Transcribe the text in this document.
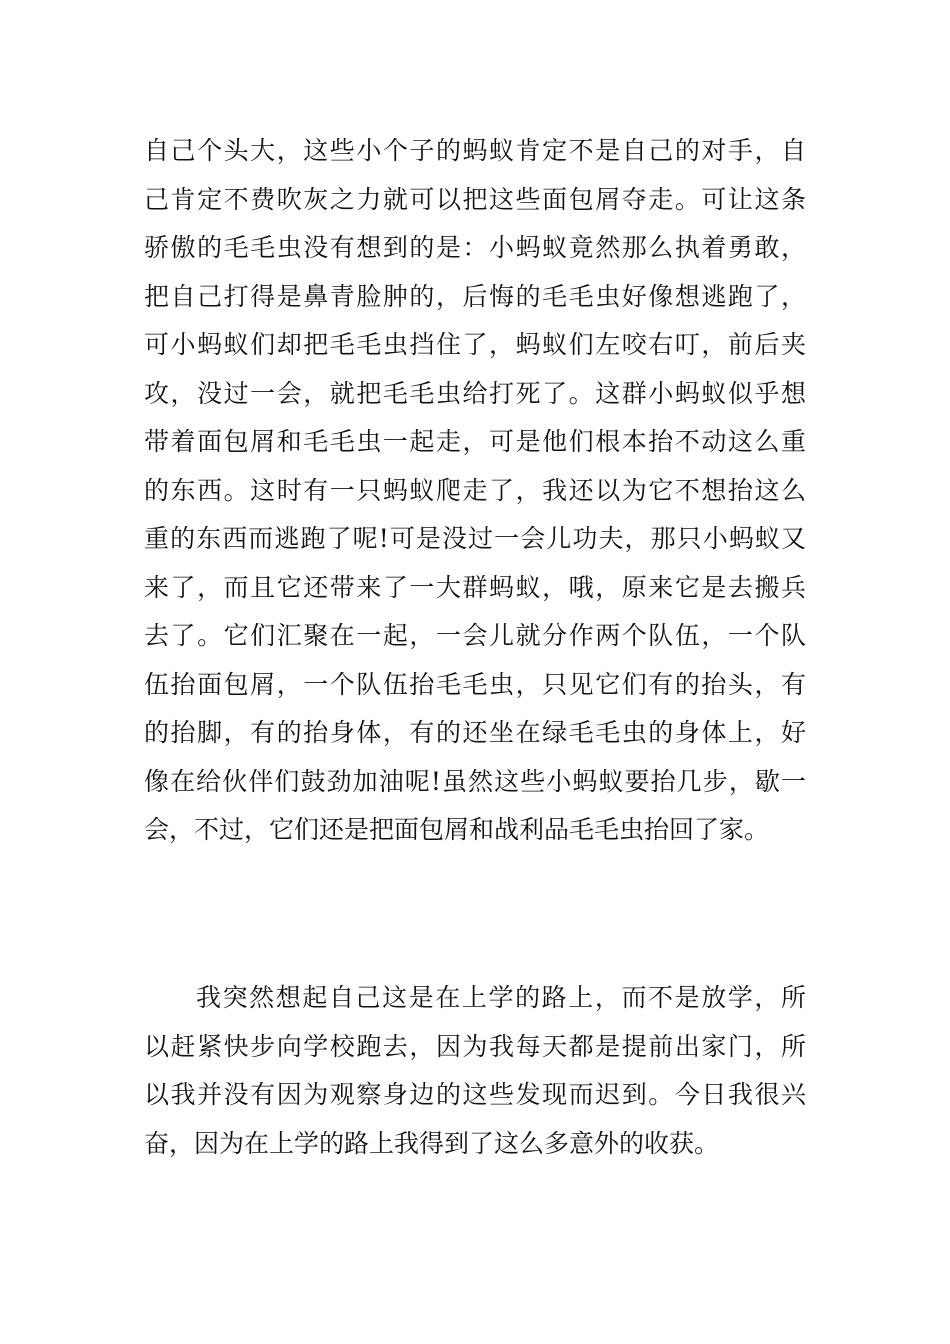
自己个头大，这些小个子的蚂蚁肯定不是自己的对手，自
己肯定不费吹灰之力就可以把这些面包屑夺走。可让这条
骄傲的毛毛虫没有想到的是：小蚂蚁竟然那么执着勇敢，
把自己打得是鼻青脸肿的，后悔的毛毛虫好像想逃跑了，
可小蚂蚁们却把毛毛虫挡住了，蚂蚁们左咬右叮，前后夹
攻，没过一会，就把毛毛虫给打死了。这群小蚂蚁似乎想
带着面包屑和毛毛虫一起走，可是他们根本抬不动这么重
的东西。这时有一只蚂蚁爬走了，我还以为它不想抬这么
重的东西而逃跑了呢!可是没过一会儿功夫，那只小蚂蚁又
来了，而且它还带来了一大群蚂蚁，哦，原来它是去搬兵
去了。它们汇聚在一起，一会儿就分作两个队伍，一个队
伍抬面包屑，一个队伍抬毛毛虫，只见它们有的抬头，有
的抬脚，有的抬身体，有的还坐在绿毛毛虫的身体上，好
像在给伙伴们鼓劲加油呢!虽然这些小蚂蚁要抬几步，歇一
会，不过，它们还是把面包屑和战利品毛毛虫抬回了家。
我突然想起自己这是在上学的路上，而不是放学，所
以赶紧快步向学校跑去，因为我每天都是提前出家门，所
以我并没有因为观察身边的这些发现而迟到。今日我很兴
奋，因为在上学的路上我得到了这么多意外的收获。
